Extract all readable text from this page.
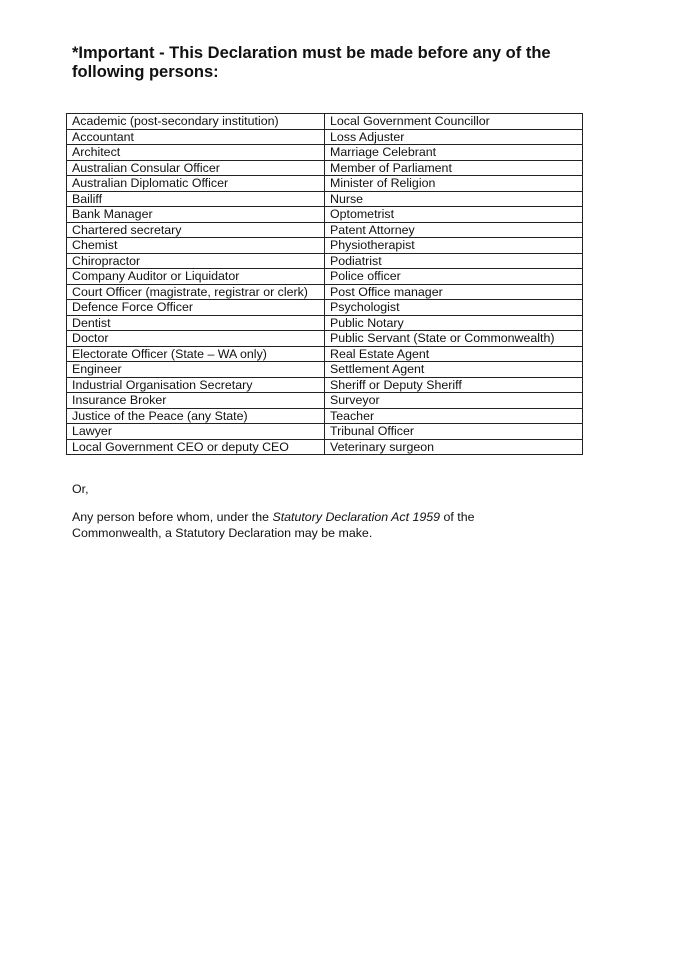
*Important - This Declaration must be made before any of the following persons:
Academic (post-secondary institution)	Local Government Councillor
Accountant	Loss Adjuster
Architect	Marriage Celebrant
Australian Consular Officer	Member of Parliament
Australian Diplomatic Officer	Minister of Religion
Bailiff	Nurse
Bank Manager	Optometrist
Chartered secretary	Patent Attorney
Chemist	Physiotherapist
Chiropractor	Podiatrist
Company Auditor or Liquidator	Police officer
Court Officer (magistrate, registrar or clerk)	Post Office manager
Defence Force Officer	Psychologist
Dentist	Public Notary
Doctor	Public Servant (State or Commonwealth)
Electorate Officer (State – WA only)	Real Estate Agent
Engineer	Settlement Agent
Industrial Organisation Secretary	Sheriff or Deputy Sheriff
Insurance Broker	Surveyor
Justice of the Peace (any State)	Teacher
Lawyer	Tribunal Officer
Local Government CEO or deputy CEO	Veterinary surgeon

Or,

Any person before whom, under the Statutory Declaration Act 1959 of the Commonwealth, a Statutory Declaration may be make.
